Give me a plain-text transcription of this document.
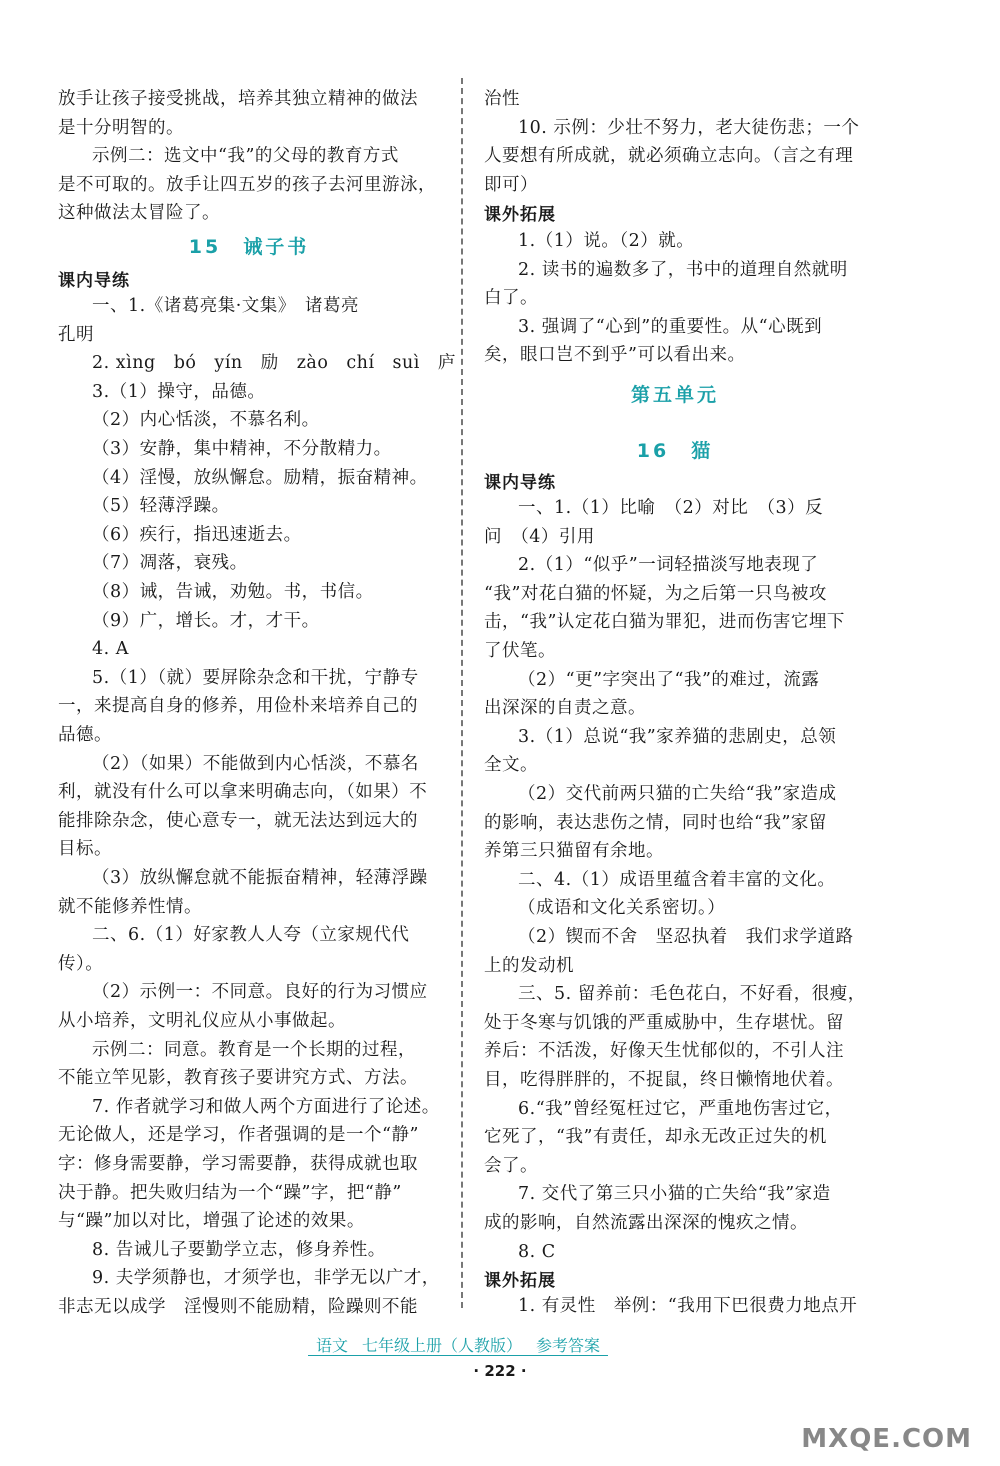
放手让孩子接受挑战，培养其独立精神的做法
是十分明智的。
示例二：选文中“我”的父母的教育方式
是不可取的。放手让四五岁的孩子去河里游泳，
这种做法太冒险了。
15　诫子书
课内导练
一、1.《诸葛亮集·文集》　诸葛亮
孔明
2. xìng　bó　yín　励　zào　chí　suì　庐
3.（1）操守，品德。
（2）内心恬淡，不慕名利。
（3）安静，集中精神，不分散精力。
（4）淫慢，放纵懈怠。励精，振奋精神。
（5）轻薄浮躁。
（6）疾行，指迅速逝去。
（7）凋落，衰残。
（8）诫，告诫，劝勉。书，书信。
（9）广，增长。才，才干。
4. A
5.（1）（就）要屏除杂念和干扰，宁静专
一，来提高自身的修养，用俭朴来培养自己的
品德。
（2）（如果）不能做到内心恬淡，不慕名
利，就没有什么可以拿来明确志向，（如果）不
能排除杂念，使心意专一，就无法达到远大的
目标。
（3）放纵懈怠就不能振奋精神，轻薄浮躁
就不能修养性情。
二、6.（1）好家教人人夸（立家规代代
传）。
（2）示例一：不同意。良好的行为习惯应
从小培养，文明礼仪应从小事做起。
示例二：同意。教育是一个长期的过程，
不能立竿见影，教育孩子要讲究方式、方法。
7. 作者就学习和做人两个方面进行了论述。
无论做人，还是学习，作者强调的是一个“静”
字：修身需要静，学习需要静，获得成就也取
决于静。把失败归结为一个“躁”字，把“静”
与“躁”加以对比，增强了论述的效果。
8. 告诫儿子要勤学立志，修身养性。
9. 夫学须静也，才须学也，非学无以广才，
非志无以成学　淫慢则不能励精，险躁则不能
治性
10. 示例：少壮不努力，老大徒伤悲；一个
人要想有所成就，就必须确立志向。（言之有理
即可）
课外拓展
1.（1）说。（2）就。
2. 读书的遍数多了，书中的道理自然就明
白了。
3. 强调了“心到”的重要性。从“心既到
矣，眼口岂不到乎”可以看出来。
第五单元
16　猫
课内导练
一、1.（1）比喻　（2）对比　（3）反
问　（4）引用
2.（1）“似乎”一词轻描淡写地表现了
“我”对花白猫的怀疑，为之后第一只鸟被攻
击，“我”认定花白猫为罪犯，进而伤害它埋下
了伏笔。
（2）“更”字突出了“我”的难过，流露
出深深的自责之意。
3.（1）总说“我”家养猫的悲剧史，总领
全文。
（2）交代前两只猫的亡失给“我”家造成
的影响，表达悲伤之情，同时也给“我”家留
养第三只猫留有余地。
二、4.（1）成语里蕴含着丰富的文化。
（成语和文化关系密切。）
（2）锲而不舍　坚忍执着　我们求学道路
上的发动机
三、5. 留养前：毛色花白，不好看，很瘦，
处于冬寒与饥饿的严重威胁中，生存堪忧。留
养后：不活泼，好像天生忧郁似的，不引人注
目，吃得胖胖的，不捉鼠，终日懒惰地伏着。
6.“我”曾经冤枉过它，严重地伤害过它，
它死了，“我”有责任，却永无改正过失的机
会了。
7. 交代了第三只小猫的亡失给“我”家造
成的影响，自然流露出深深的愧疚之情。
8. C
课外拓展
1. 有灵性　举例：“我用下巴很费力地点开
语文 七年级上册（人教版） 参考答案
· 222 ·
MXQE.COM
